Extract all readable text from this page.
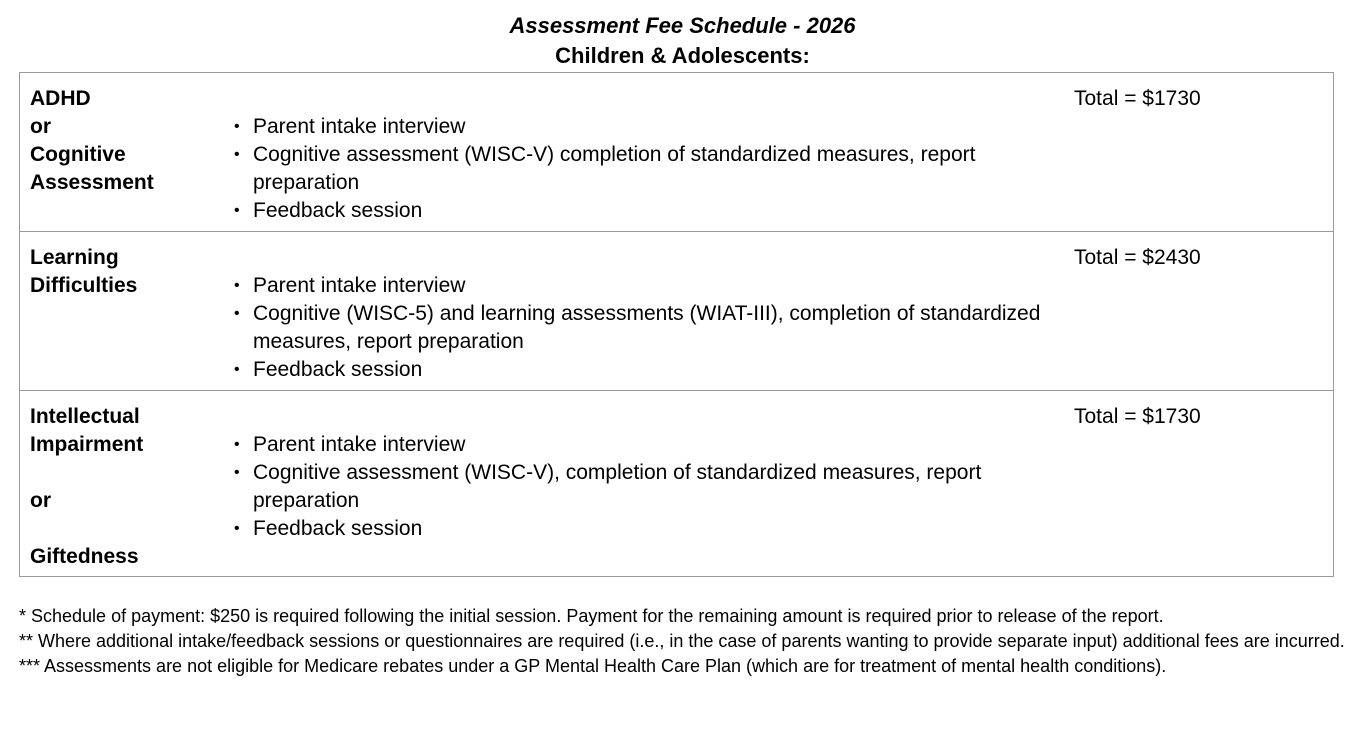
Assessment Fee Schedule - 2026
Children & Adolescents:
ADHD
or
Cognitive
Assessment
• Parent intake interview
• Cognitive assessment (WISC-V) completion of standardized measures, report preparation
• Feedback session
Total = $1730
Learning
Difficulties	• Parent intake interview
• Cognitive (WISC-5) and learning assessments (WIAT-III), completion of standardized measures, report preparation
• Feedback session
Total = $2430
Intellectual
Impairment
or
Giftedness
• Parent intake interview
• Cognitive assessment (WISC-V), completion of standardized measures, report preparation
• Feedback session
Total = $1730

* Schedule of payment: $250 is required following the initial session. Payment for the remaining amount is required prior to release of the report.

** Where additional intake/feedback sessions or questionnaires are required (i.e., in the case of parents wanting to provide separate input) additional fees are incurred.

*** Assessments are not eligible for Medicare rebates under a GP Mental Health Care Plan (which are for treatment of mental health conditions).
